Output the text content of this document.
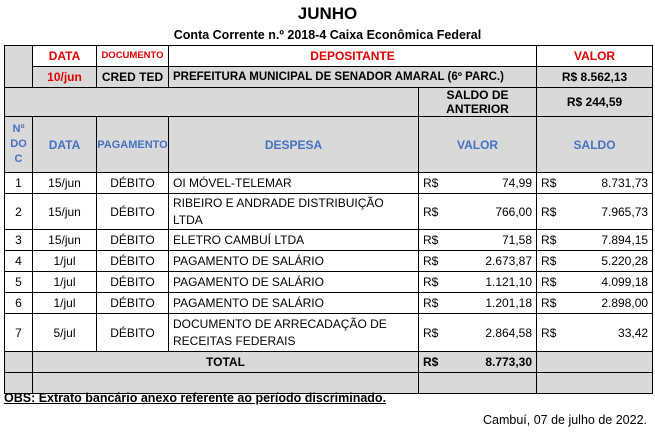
JUNHO
Conta Corrente n.º 2018-4 Caixa Econômica Federal
	DATA	DOCUMENTO	DEPOSITANTE			VALOR	
	10/jun	CRED TED	PREFEITURA MUNICIPAL DE SENADOR AMARAL (6º PARC.)			R$ 8.562,13	
				SALDO DE ANTERIOR		R$ 244,59	
Nº
DO
C	DATA	PAGAMENTO	DESPESA	VALOR		SALDO	
1	15/jun	DÉBITO	OI MÓVEL-TELEMAR	R$	74,99	R$	8.731,73
2	15/jun	DÉBITO	RIBEIRO E ANDRADE DISTRIBUIÇÃO LTDA	R$	766,00	R$	7.965,73
3	15/jun	DÉBITO	ELETRO CAMBUÍ LTDA	R$	71,58	R$	7.894,15
4	1/jul	DÉBITO	PAGAMENTO DE SALÁRIO	R$	2.673,87	R$	5.220,28
5	1/jul	DÉBITO	PAGAMENTO DE SALÁRIO	R$	1.121,10	R$	4.099,18
6	1/jul	DÉBITO	PAGAMENTO DE SALÁRIO	R$	1.201,18	R$	2.898,00
7	5/jul	DÉBITO	DOCUMENTO DE ARRECADAÇÃO DE RECEITAS FEDERAIS	R$	2.864,58	R$	33,42
	TOTAL			R$	8.773,30		

OBS: Extrato bancário anexo referente ao período discriminado.
Cambuí, 07 de julho de 2022.
